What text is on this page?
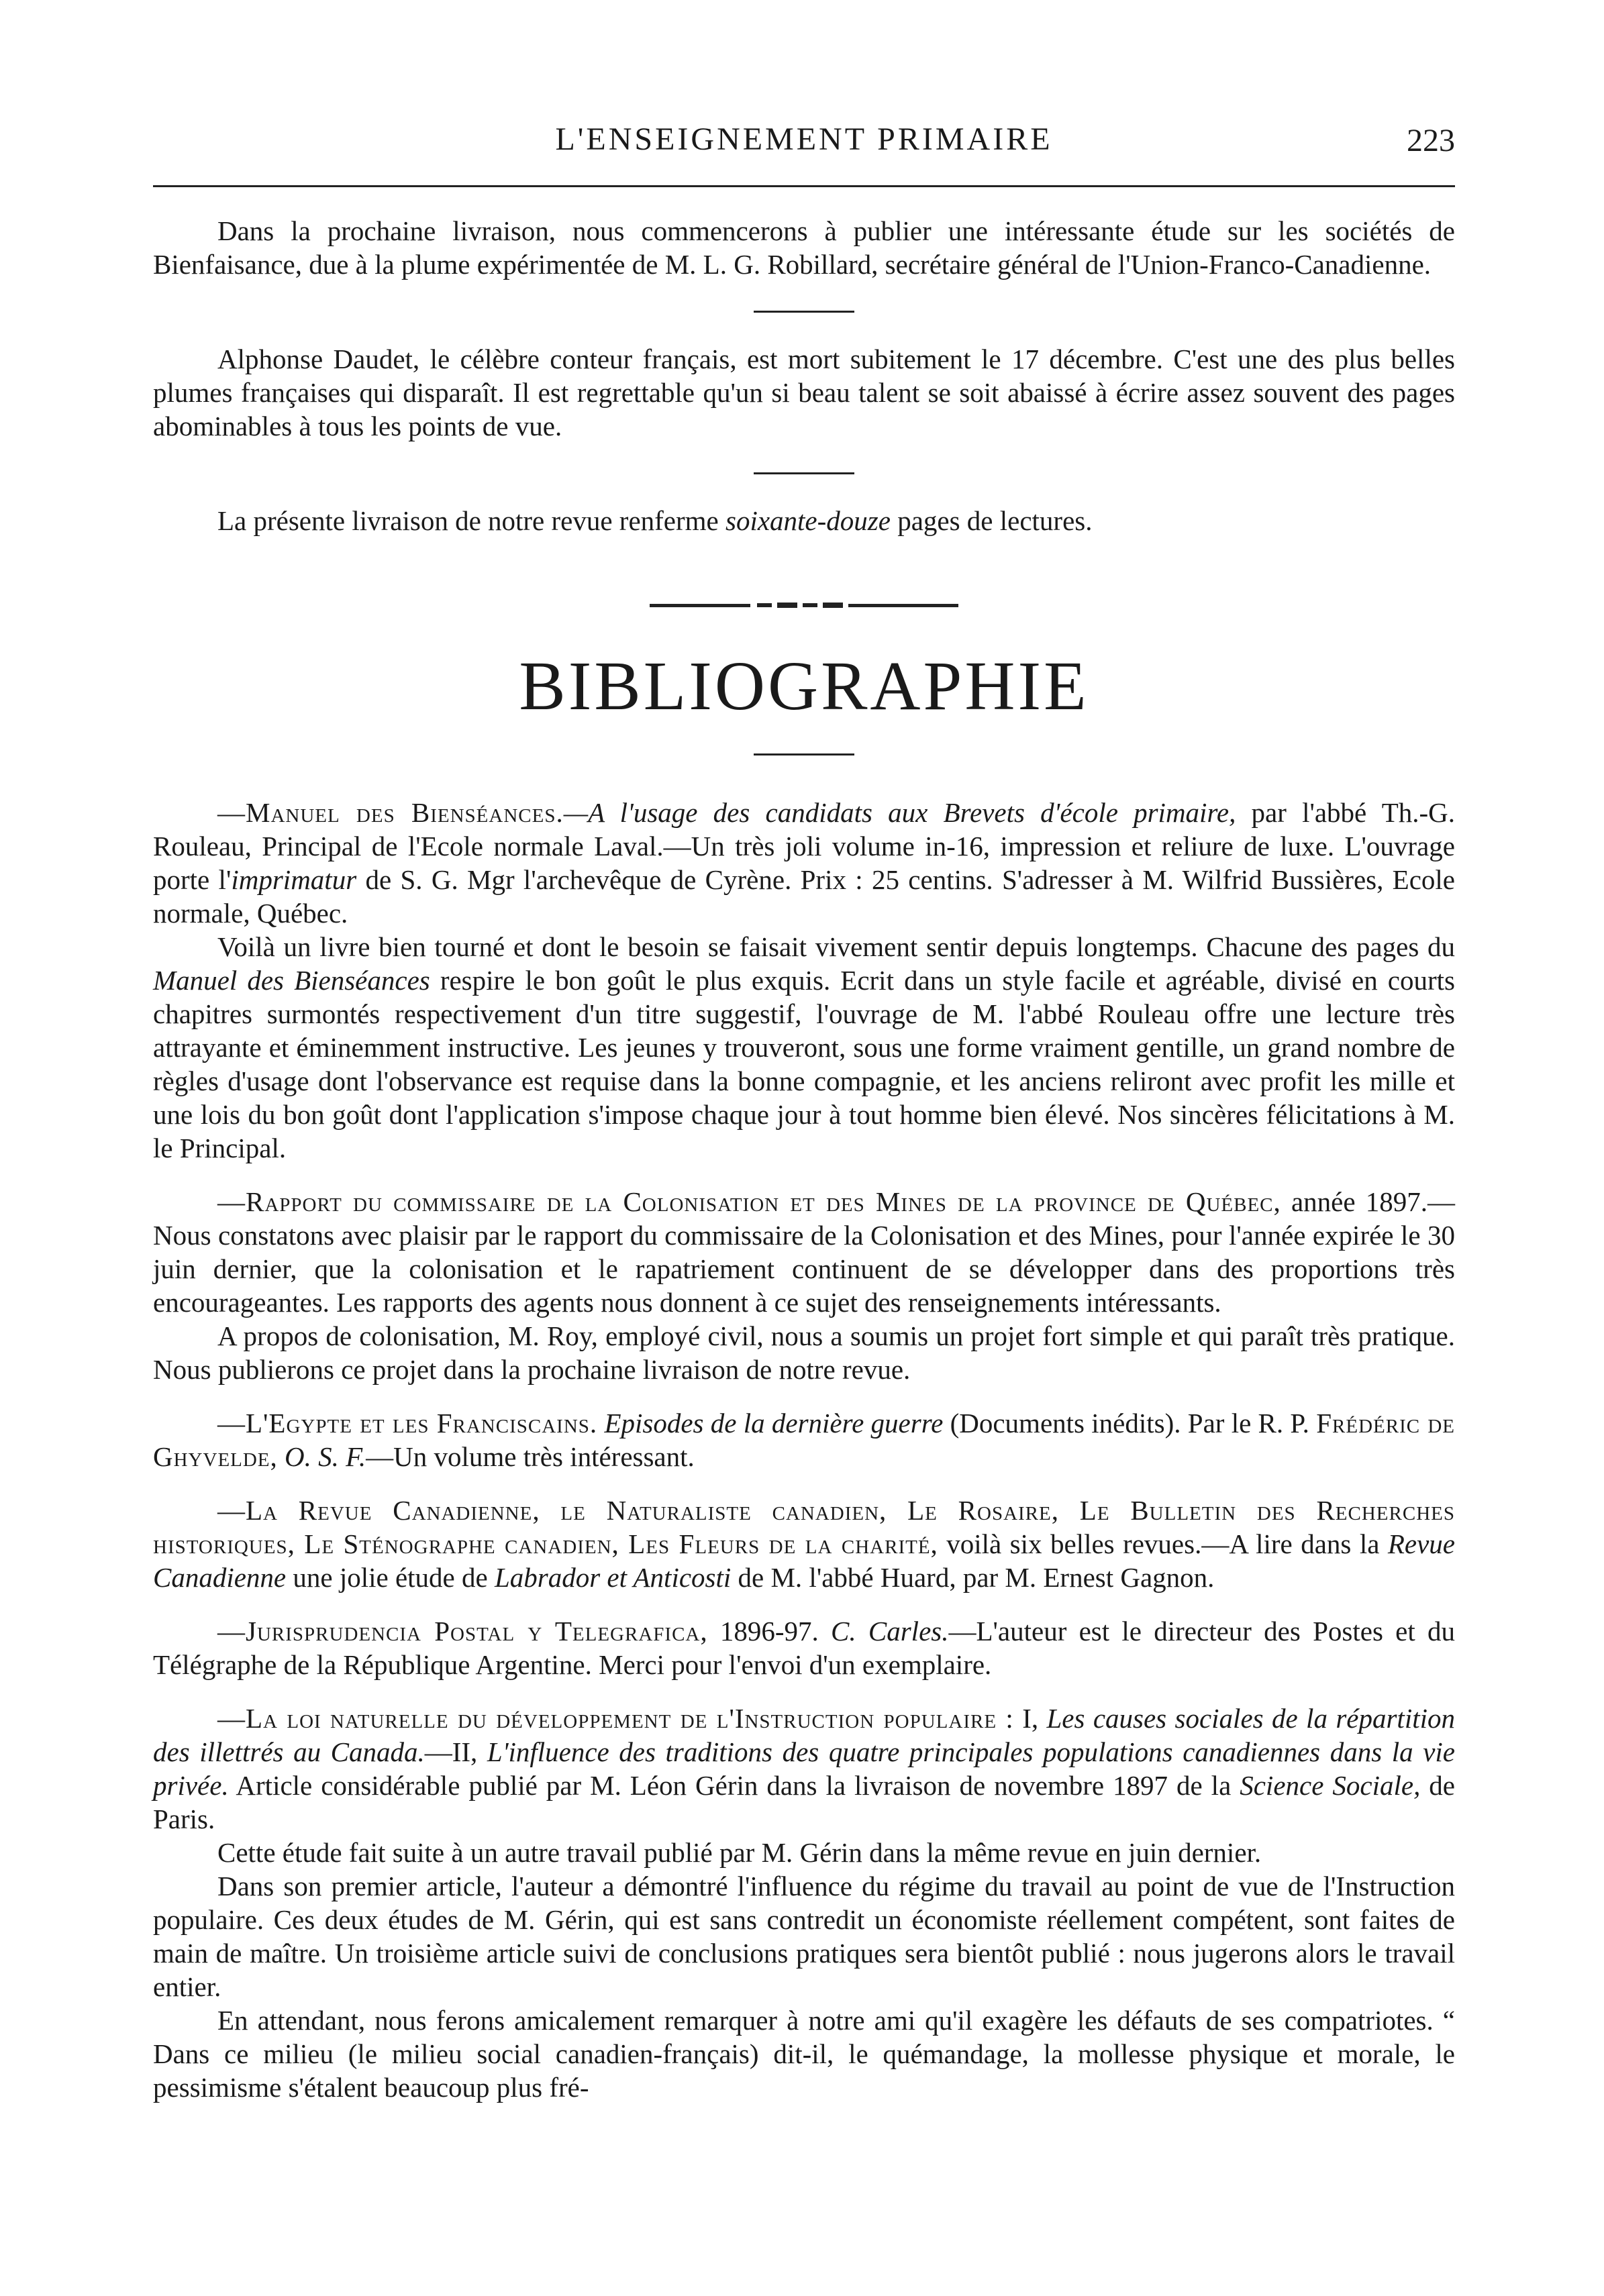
L'ENSEIGNEMENT PRIMAIRE	223

Dans la prochaine livraison, nous commencerons à publier une intéressante étude sur les sociétés de Bienfaisance, due à la plume expérimentée de M. L. G. Robillard, secrétaire général de l'Union-Franco-Canadienne.

Alphonse Daudet, le célèbre conteur français, est mort subitement le 17 décembre. C'est une des plus belles plumes françaises qui disparaît. Il est regrettable qu'un si beau talent se soit abaissé à écrire assez souvent des pages abominables à tous les points de vue.

La présente livraison de notre revue renferme soixante-douze pages de lectures.

BIBLIOGRAPHIE

—Manuel des Bienséances.—A l'usage des candidats aux Brevets d'école primaire, par l'abbé Th.-G. Rouleau, Principal de l'Ecole normale Laval.—Un très joli volume in-16, impression et reliure de luxe. L'ouvrage porte l'imprimatur de S. G. Mgr l'archevêque de Cyrène. Prix : 25 centins. S'adresser à M. Wilfrid Bussières, Ecole normale, Québec.

Voilà un livre bien tourné et dont le besoin se faisait vivement sentir depuis longtemps. Chacune des pages du Manuel des Bienséances respire le bon goût le plus exquis. Ecrit dans un style facile et agréable, divisé en courts chapitres surmontés respectivement d'un titre suggestif, l'ouvrage de M. l'abbé Rouleau offre une lecture très attrayante et éminemment instructive. Les jeunes y trouveront, sous une forme vraiment gentille, un grand nombre de règles d'usage dont l'observance est requise dans la bonne compagnie, et les anciens reliront avec profit les mille et une lois du bon goût dont l'application s'impose chaque jour à tout homme bien élevé. Nos sincères félicitations à M. le Principal.

—Rapport du commissaire de la Colonisation et des Mines de la province de Québec, année 1897.—Nous constatons avec plaisir par le rapport du commissaire de la Colonisation et des Mines, pour l'année expirée le 30 juin dernier, que la colonisation et le rapatriement continuent de se développer dans des proportions très encourageantes. Les rapports des agents nous donnent à ce sujet des renseignements intéressants.

A propos de colonisation, M. Roy, employé civil, nous a soumis un projet fort simple et qui paraît très pratique. Nous publierons ce projet dans la prochaine livraison de notre revue.

—L'Egypte et les Franciscains. Episodes de la dernière guerre (Documents inédits). Par le R. P. Frédéric de Ghyvelde, O. S. F.—Un volume très intéressant.

—La Revue Canadienne, le Naturaliste canadien, Le Rosaire, Le Bulletin des Recherches historiques, Le Sténographe canadien, Les Fleurs de la charité, voilà six belles revues.—A lire dans la Revue Canadienne une jolie étude de Labrador et Anticosti de M. l'abbé Huard, par M. Ernest Gagnon.

—Jurisprudencia Postal y Telegrafica, 1896-97. C. Carles.—L'auteur est le directeur des Postes et du Télégraphe de la République Argentine. Merci pour l'envoi d'un exemplaire.

—La loi naturelle du développement de l'Instruction populaire : I, Les causes sociales de la répartition des illettrés au Canada.—II, L'influence des traditions des quatre principales populations canadiennes dans la vie privée. Article considérable publié par M. Léon Gérin dans la livraison de novembre 1897 de la Science Sociale, de Paris.

Cette étude fait suite à un autre travail publié par M. Gérin dans la même revue en juin dernier.

Dans son premier article, l'auteur a démontré l'influence du régime du travail au point de vue de l'Instruction populaire. Ces deux études de M. Gérin, qui est sans contredit un économiste réellement compétent, sont faites de main de maître. Un troisième article suivi de conclusions pratiques sera bientôt publié : nous jugerons alors le travail entier.

En attendant, nous ferons amicalement remarquer à notre ami qu'il exagère les défauts de ses compatriotes. “ Dans ce milieu (le milieu social canadien-français) dit-il, le quémandage, la mollesse physique et morale, le pessimisme s'étalent beaucoup plus fré-
